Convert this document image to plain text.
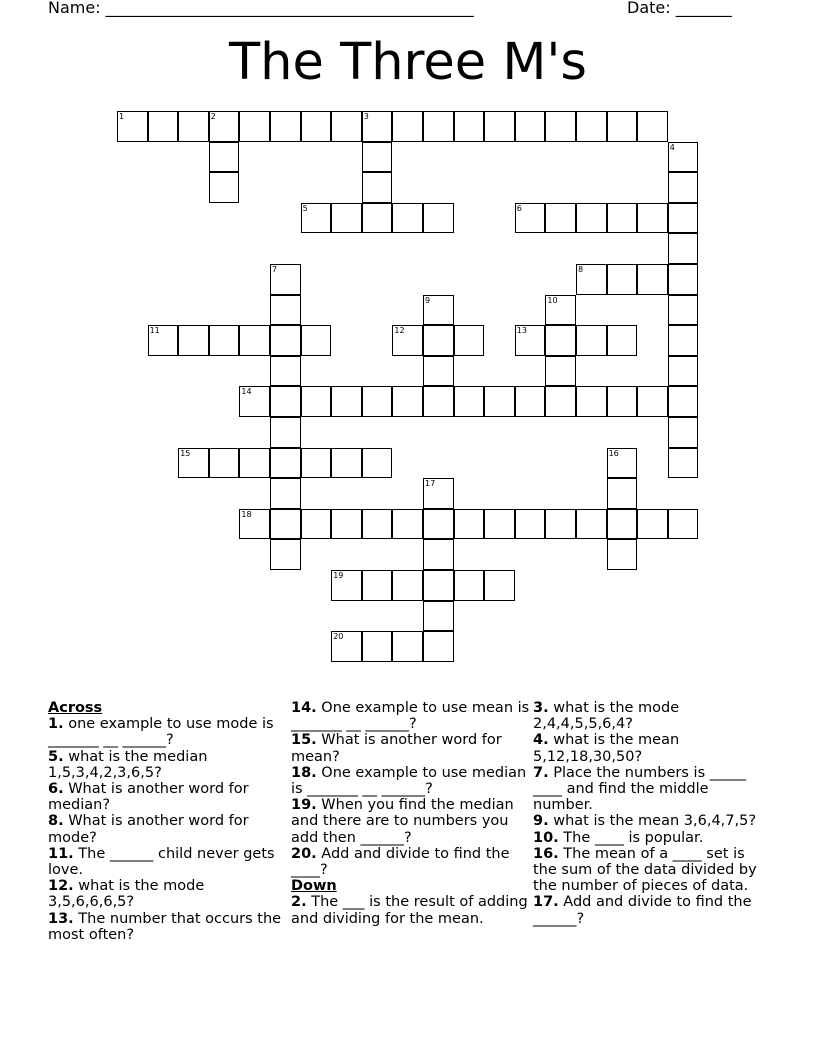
Name: ______________________________________________	Date: _______
The Three M's
1	2	3
4
5	6
7	8
9	10
11	12	13
14
15	16
17
18
19
20
Across
1. one example to use mode is _______ __ ______?
5. what is the median 1,5,3,4,2,3,6,5?
6. What is another word for median?
8. What is another word for mode?
11. The ______ child never gets love.
12. what is the mode 3,5,6,6,6,5?
13. The number that occurs the most often?
14. One example to use mean is _______ __ ______?
15. What is another word for mean?
18. One example to use median is _______ __ ______?
19. When you find the median and there are to numbers you add then ______?
20. Add and divide to find the ____?
Down
2. The ___ is the result of adding and dividing for the mean.
3. what is the mode 2,4,4,5,5,6,4?
4. what is the mean 5,12,18,30,50?
7. Place the numbers is _____ ____ and find the middle number.
9. what is the mean 3,6,4,7,5?
10. The ____ is popular.
16. The mean of a ____ set is the sum of the data divided by the number of pieces of data.
17. Add and divide to find the ______?
